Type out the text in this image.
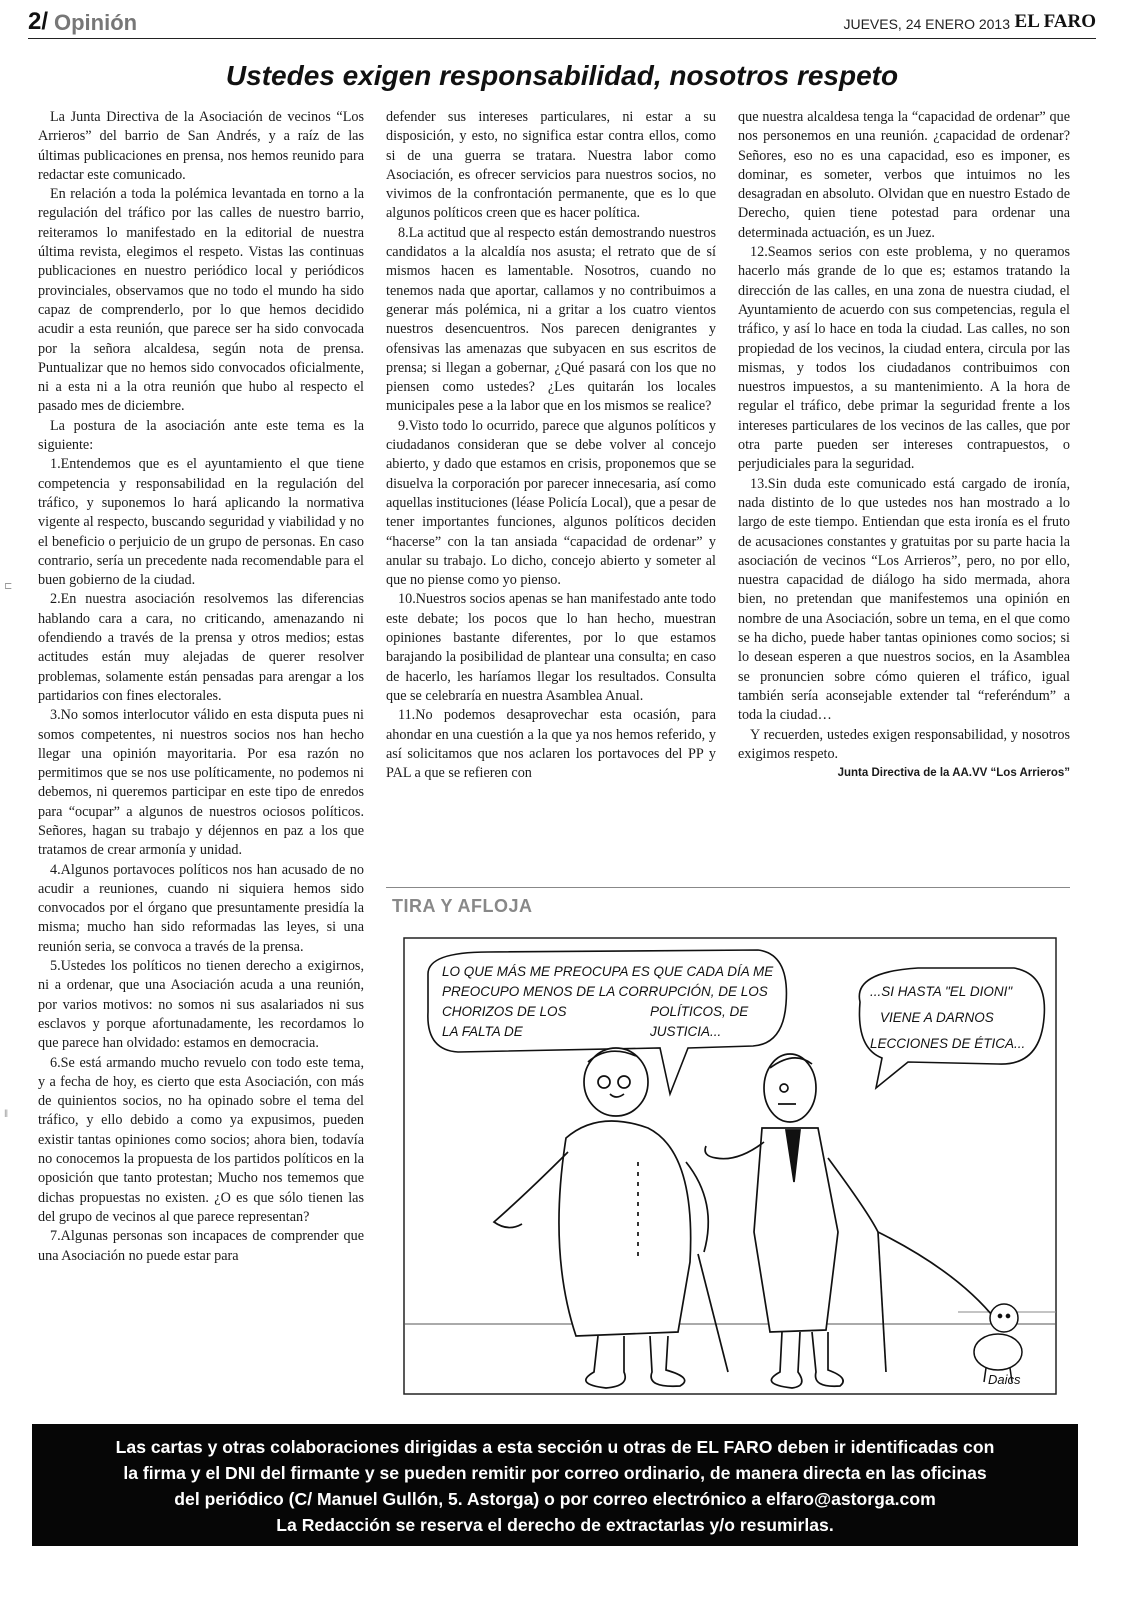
2/ Opinión	JUEVES, 24 ENERO 2013 EL FARO
Ustedes exigen responsabilidad, nosotros respeto

La Junta Directiva de la Asociación de vecinos “Los Arrieros” del barrio de San Andrés, y a raíz de las últimas publicaciones en prensa, nos hemos reunido para redactar este comunicado.

En relación a toda la polémica levantada en torno a la regulación del tráfico por las calles de nuestro barrio, reiteramos lo manifestado en la editorial de nuestra última revista, elegimos el respeto. Vistas las continuas publicaciones en nuestro periódico local y periódicos provinciales, observamos que no todo el mundo ha sido capaz de comprenderlo, por lo que hemos decidido acudir a esta reunión, que parece ser ha sido convocada por la señora alcaldesa, según nota de prensa. Puntualizar que no hemos sido convocados oficialmente, ni a esta ni a la otra reunión que hubo al respecto el pasado mes de diciembre.

La postura de la asociación ante este tema es la siguiente:

1.Entendemos que es el ayuntamiento el que tiene competencia y responsabilidad en la regulación del tráfico, y suponemos lo hará aplicando la normativa vigente al respecto, buscando seguridad y viabilidad y no el beneficio o perjuicio de un grupo de personas. En caso contrario, sería un precedente nada recomendable para el buen gobierno de la ciudad.

2.En nuestra asociación resolvemos las diferencias hablando cara a cara, no criticando, amenazando ni ofendiendo a través de la prensa y otros medios; estas actitudes están muy alejadas de querer resolver problemas, solamente están pensadas para arengar a los partidarios con fines electorales.

3.No somos interlocutor válido en esta disputa pues ni somos competentes, ni nuestros socios nos han hecho llegar una opinión mayoritaria. Por esa razón no permitimos que se nos use políticamente, no podemos ni debemos, ni queremos participar en este tipo de enredos para “ocupar” a algunos de nuestros ociosos políticos. Señores, hagan su trabajo y déjennos en paz a los que tratamos de crear armonía y unidad.

4.Algunos portavoces políticos nos han acusado de no acudir a reuniones, cuando ni siquiera hemos sido convocados por el órgano que presuntamente presidía la misma; mucho han sido reformadas las leyes, si una reunión seria, se convoca a través de la prensa.

5.Ustedes los políticos no tienen derecho a exigirnos, ni a ordenar, que una Asociación acuda a una reunión, por varios motivos: no somos ni sus asalariados ni sus esclavos y porque afortunadamente, les recordamos lo que parece han olvidado: estamos en democracia.

6.Se está armando mucho revuelo con todo este tema, y a fecha de hoy, es cierto que esta Asociación, con más de quinientos socios, no ha opinado sobre el tema del tráfico, y ello debido a como ya expusimos, pueden existir tantas opiniones como socios; ahora bien, todavía no conocemos la propuesta de los partidos políticos en la oposición que tanto protestan; Mucho nos tememos que dichas propuestas no existen. ¿O es que sólo tienen las del grupo de vecinos al que parece representan?

7.Algunas personas son incapaces de comprender que una Asociación no puede estar para

defender sus intereses particulares, ni estar a su disposición, y esto, no significa estar contra ellos, como si de una guerra se tratara. Nuestra labor como Asociación, es ofrecer servicios para nuestros socios, no vivimos de la confrontación permanente, que es lo que algunos políticos creen que es hacer política.

8.La actitud que al respecto están demostrando nuestros candidatos a la alcaldía nos asusta; el retrato que de sí mismos hacen es lamentable. Nosotros, cuando no tenemos nada que aportar, callamos y no contribuimos a generar más polémica, ni a gritar a los cuatro vientos nuestros desencuentros. Nos parecen denigrantes y ofensivas las amenazas que subyacen en sus escritos de prensa; si llegan a gobernar, ¿Qué pasará con los que no piensen como ustedes? ¿Les quitarán los locales municipales pese a la labor que en los mismos se realice?

9.Visto todo lo ocurrido, parece que algunos políticos y ciudadanos consideran que se debe volver al concejo abierto, y dado que estamos en crisis, proponemos que se disuelva la corporación por parecer innecesaria, así como aquellas instituciones (léase Policía Local), que a pesar de tener importantes funciones, algunos políticos deciden “hacerse” con la tan ansiada “capacidad de ordenar” y anular su trabajo. Lo dicho, concejo abierto y someter al que no piense como yo pienso.

10.Nuestros socios apenas se han manifestado ante todo este debate; los pocos que lo han hecho, muestran opiniones bastante diferentes, por lo que estamos barajando la posibilidad de plantear una consulta; en caso de hacerlo, les haríamos llegar los resultados. Consulta que se celebraría en nuestra Asamblea Anual.

11.No podemos desaprovechar esta ocasión, para ahondar en una cuestión a la que ya nos hemos referido, y así solicitamos que nos aclaren los portavoces del PP y PAL a que se refieren con

que nuestra alcaldesa tenga la “capacidad de ordenar” que nos personemos en una reunión. ¿capacidad de ordenar? Señores, eso no es una capacidad, eso es imponer, es dominar, es someter, verbos que intuimos no les desagradan en absoluto. Olvidan que en nuestro Estado de Derecho, quien tiene potestad para ordenar una determinada actuación, es un Juez.

12.Seamos serios con este problema, y no queramos hacerlo más grande de lo que es; estamos tratando la dirección de las calles, en una zona de nuestra ciudad, el Ayuntamiento de acuerdo con sus competencias, regula el tráfico, y así lo hace en toda la ciudad. Las calles, no son propiedad de los vecinos, la ciudad entera, circula por las mismas, y todos los ciudadanos contribuimos con nuestros impuestos, a su mantenimiento. A la hora de regular el tráfico, debe primar la seguridad frente a los intereses particulares de los vecinos de las calles, que por otra parte pueden ser intereses contrapuestos, o perjudiciales para la seguridad.

13.Sin duda este comunicado está cargado de ironía, nada distinto de lo que ustedes nos han mostrado a lo largo de este tiempo. Entiendan que esta ironía es el fruto de acusaciones constantes y gratuitas por su parte hacia la asociación de vecinos “Los Arrieros”, pero, no por ello, nuestra capacidad de diálogo ha sido mermada, ahora bien, no pretendan que manifestemos una opinión en nombre de una Asociación, sobre un tema, en el que como se ha dicho, puede haber tantas opiniones como socios; si lo desean esperen a que nuestros socios, en la Asamblea se pronuncien sobre cómo quieren el tráfico, igual también sería aconsejable extender tal “referéndum” a toda la ciudad…

Y recuerden, ustedes exigen responsabilidad, y nosotros exigimos respeto.

Junta Directiva de la AA.VV “Los Arrieros”

⊏
‖
TIRA Y AFLOJA
LO QUE MÁS ME PREOCUPA ES QUE CADA DÍA ME
PREOCUPO MENOS DE LA CORRUPCIÓN, DE LOS
CHORIZOS DE LOS	POLÍTICOS, DE
LA FALTA DE	JUSTICIA...
...SI HASTA "EL DIONI"
VIENE A DARNOS
LECCIONES DE ÉTICA...
Daics
Las cartas y otras colaboraciones dirigidas a esta sección u otras de EL FARO deben ir identificadas con
la firma y el DNI del firmante y se pueden remitir por correo ordinario, de manera directa en las oficinas
del periódico (C/ Manuel Gullón, 5. Astorga) o por correo electrónico a elfaro@astorga.com
La Redacción se reserva el derecho de extractarlas y/o resumirlas.
